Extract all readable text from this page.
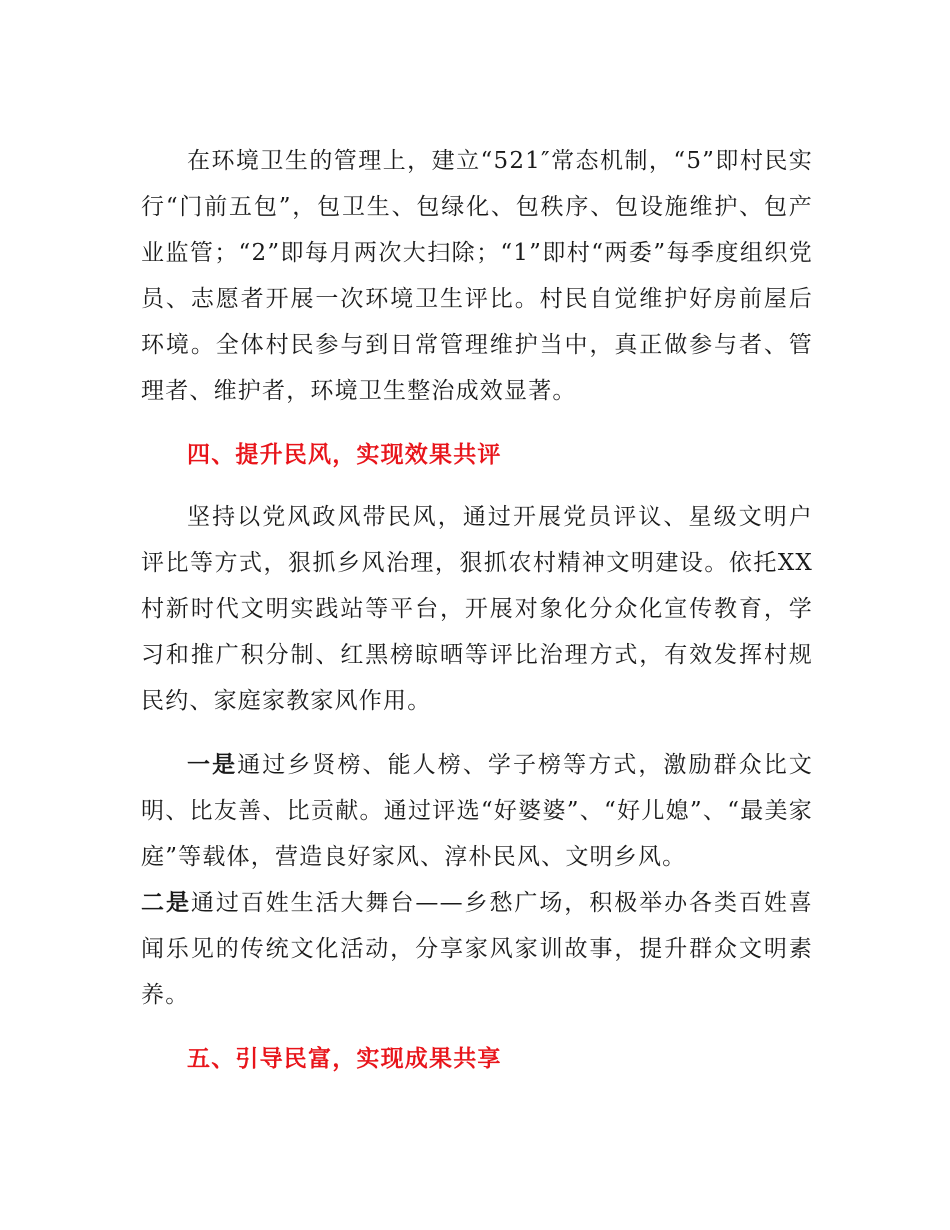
在环境卫生的管理上，建立“521″常态机制，“5”即村民实行“门前五包”，包卫生、包绿化、包秩序、包设施维护、包产业监管；“2”即每月两次大扫除；“1”即村“两委”每季度组织党员、志愿者开展一次环境卫生评比。村民自觉维护好房前屋后环境。全体村民参与到日常管理维护当中，真正做参与者、管理者、维护者，环境卫生整治成效显著。

四、提升民风，实现效果共评

坚持以党风政风带民风，通过开展党员评议、星级文明户评比等方式，狠抓乡风治理，狠抓农村精神文明建设。依托XX村新时代文明实践站等平台，开展对象化分众化宣传教育，学习和推广积分制、红黑榜晾晒等评比治理方式，有效发挥村规民约、家庭家教家风作用。

一是通过乡贤榜、能人榜、学子榜等方式，激励群众比文明、比友善、比贡献。通过评选“好婆婆”、“好儿媳”、“最美家庭”等载体，营造良好家风、淳朴民风、文明乡风。
二是通过百姓生活大舞台——乡愁广场，积极举办各类百姓喜闻乐见的传统文化活动，分享家风家训故事，提升群众文明素养。

五、引导民富，实现成果共享
